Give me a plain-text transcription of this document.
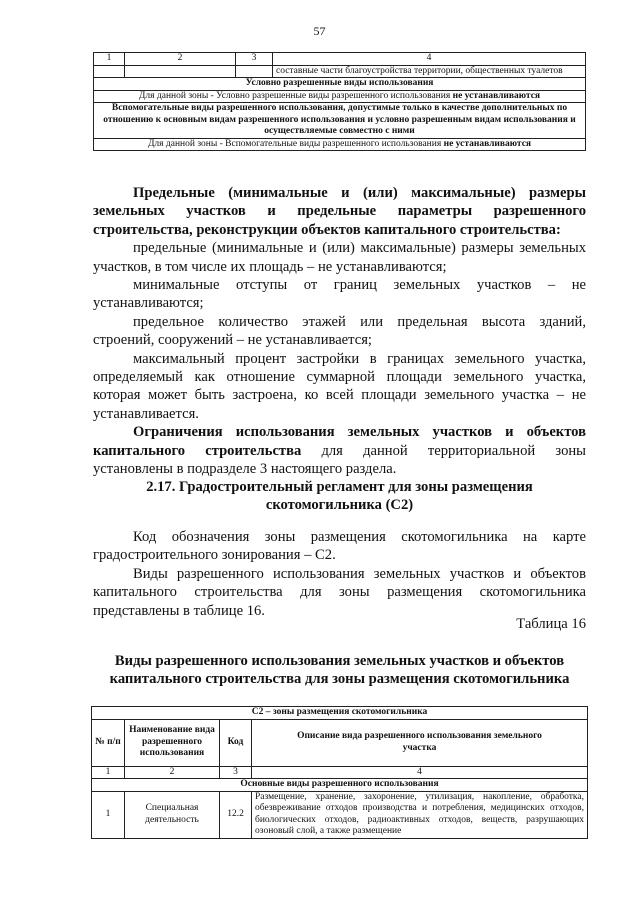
57
1	2	3	4
			составные части благоустройства территории, общественных туалетов
Условно разрешенные виды использования			
Для данной зоны - Условно разрешенные виды разрешенного использования не устанавливаются			
Вспомогательные виды разрешенного использования, допустимые только в качестве дополнительных по отношению к основным видам разрешенного использования и условно разрешенным видам использования и осуществляемые совместно с ними			
Для данной зоны - Вспомогательные виды разрешенного использования не устанавливаются			

Предельные (минимальные и (или) максимальные) размеры земельных участков и предельные параметры разрешенного строительства, реконструкции объектов капитального строительства:

предельные (минимальные и (или) максимальные) размеры земельных участков, в том числе их площадь – не устанавливаются;

минимальные отступы от границ земельных участков – не устанавливаются;

предельное количество этажей или предельная высота зданий, строений, сооружений – не устанавливается;

максимальный процент застройки в границах земельного участка, определяемый как отношение суммарной площади земельного участка, которая может быть застроена, ко всей площади земельного участка – не устанавливается.

Ограничения использования земельных участков и объектов капитального строительства для данной территориальной зоны установлены в подразделе 3 настоящего раздела.

2.17. Градостроительный регламент для зоны размещения скотомогильника (С2)

Код обозначения зоны размещения скотомогильника на карте градостроительного зонирования – С2.

Виды разрешенного использования земельных участков и объектов капитального строительства для зоны размещения скотомогильника представлены в таблице 16.

Таблица 16
Виды разрешенного использования земельных участков и объектов капитального строительства для зоны размещения скотомогильника
С2 – зоны размещения скотомогильника			
№ п/п	Наименование вида разрешенного использования	Код	Описание вида разрешенного использования земельного участка
1	2	3	4
Основные виды разрешенного использования			
1	Специальная деятельность	12.2	Размещение, хранение, захоронение, утилизация, накопление, обработка, обезвреживание отходов производства и потребления, медицинских отходов, биологических отходов, радиоактивных отходов, веществ, разрушающих озоновый слой, а также размещение
